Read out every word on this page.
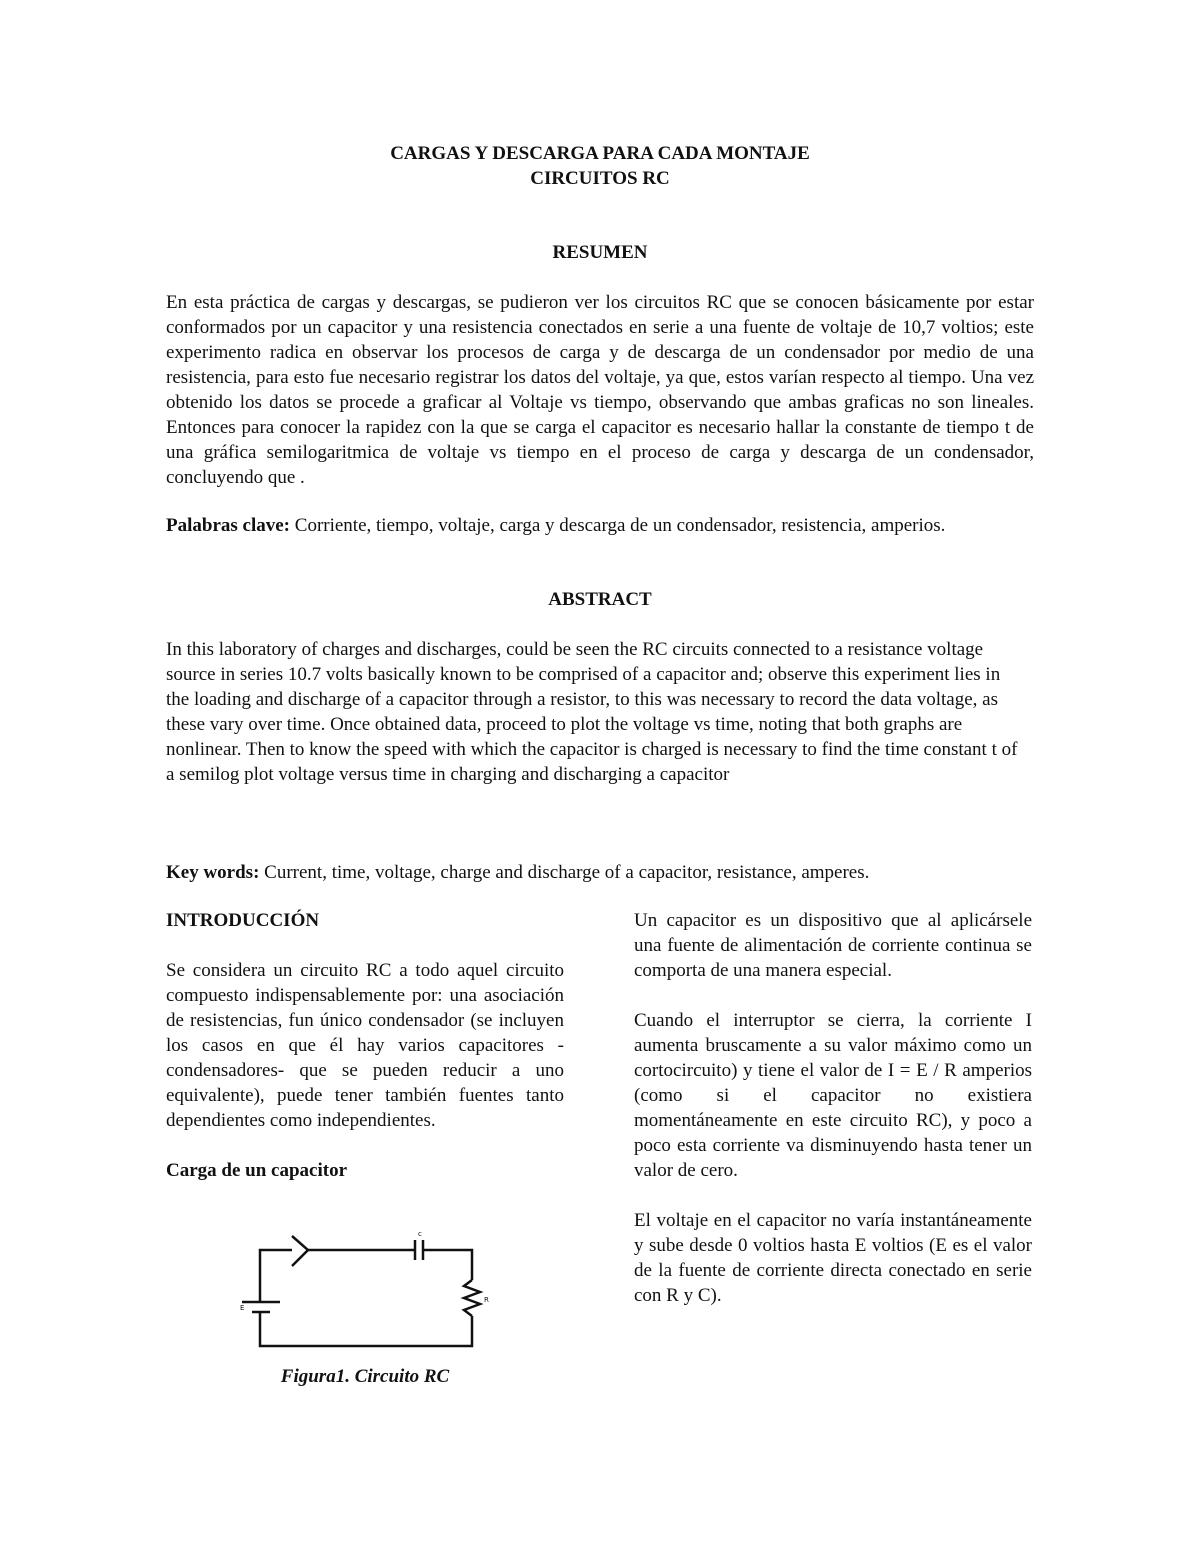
CARGAS Y DESCARGA PARA CADA MONTAJE
CIRCUITOS RC
RESUMEN
En esta práctica de cargas y descargas, se pudieron ver los circuitos RC que se conocen básicamente por estar conformados por un capacitor y una resistencia conectados en serie a una fuente de voltaje de 10,7 voltios; este experimento radica en observar los procesos de carga y de descarga de un condensador por medio de una resistencia, para esto fue necesario registrar los datos del voltaje, ya que, estos varían respecto al tiempo. Una vez obtenido los datos se procede a graficar al Voltaje vs tiempo, observando que ambas graficas no son lineales. Entonces para conocer la rapidez con la que se carga el capacitor es necesario hallar la constante de tiempo t de una gráfica semilogaritmica de voltaje vs tiempo en el proceso de carga y descarga de un condensador, concluyendo que .
Palabras clave: Corriente, tiempo, voltaje, carga y descarga de un condensador, resistencia, amperios.
ABSTRACT
In this laboratory of charges and discharges, could be seen the RC circuits connected to a resistance voltage source in series 10.7 volts basically known to be comprised of a capacitor and; observe this experiment lies in the loading and discharge of a capacitor through a resistor, to this was necessary to record the data voltage, as these vary over time. Once obtained data, proceed to plot the voltage vs time, noting that both graphs are nonlinear. Then to know the speed with which the capacitor is charged is necessary to find the time constant t of a semilog plot voltage versus time in charging and discharging a capacitor
Key words: Current, time, voltage, charge and discharge of a capacitor, resistance, amperes.
INTRODUCCIÓN

Se considera un circuito RC a todo aquel circuito compuesto indispensablemente por: una asociación de resistencias, fun único condensador (se incluyen los casos en que él hay varios capacitores -condensadores- que se pueden reducir a uno equivalente), puede tener también fuentes tanto dependientes como independientes.

Carga de un capacitor
c
E
R
Figura1. Circuito RC

Un capacitor es un dispositivo que al aplicársele una fuente de alimentación de corriente continua se comporta de una manera especial.

Cuando el interruptor se cierra, la corriente I aumenta bruscamente a su valor máximo como un cortocircuito) y tiene el valor de I = E / R amperios (como si el capacitor no existiera momentáneamente en este circuito RC), y poco a poco esta corriente va disminuyendo hasta tener un valor de cero.

El voltaje en el capacitor no varía instantáneamente y sube desde 0 voltios hasta E voltios (E es el valor de la fuente de corriente directa conectado en serie con R y C).
